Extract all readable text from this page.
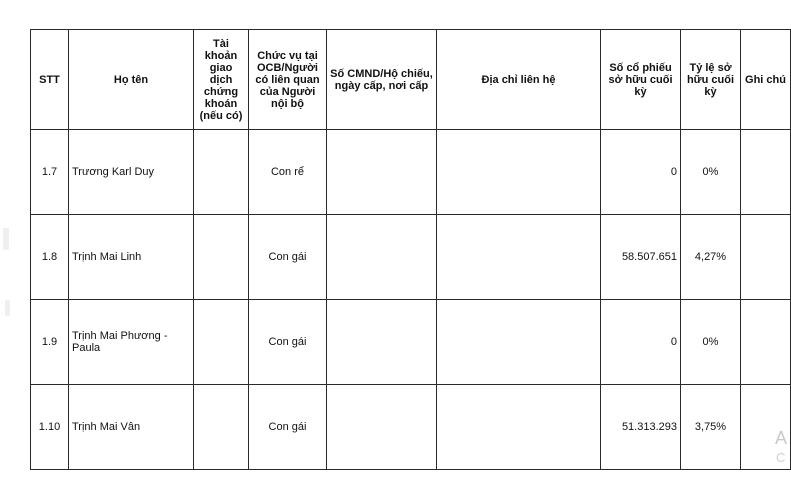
STT	Họ tên	Tài khoản giao dịch chứng khoán (nếu có)	Chức vụ tại OCB/Người có liên quan của Người nội bộ	Số CMND/Hộ chiếu, ngày cấp, nơi cấp	Địa chỉ liên hệ	Số cổ phiếu sở hữu cuối kỳ	Tỷ lệ sở hữu cuối kỳ	Ghi chú
1.7	Trương Karl Duy		Con rể			0	0%	
1.8	Trịnh Mai Linh		Con gái			58.507.651	4,27%	
1.9	Trịnh Mai Phương - Paula		Con gái			0	0%	
1.10	Trịnh Mai Vân		Con gái			51.313.293	3,75%	
A
C
